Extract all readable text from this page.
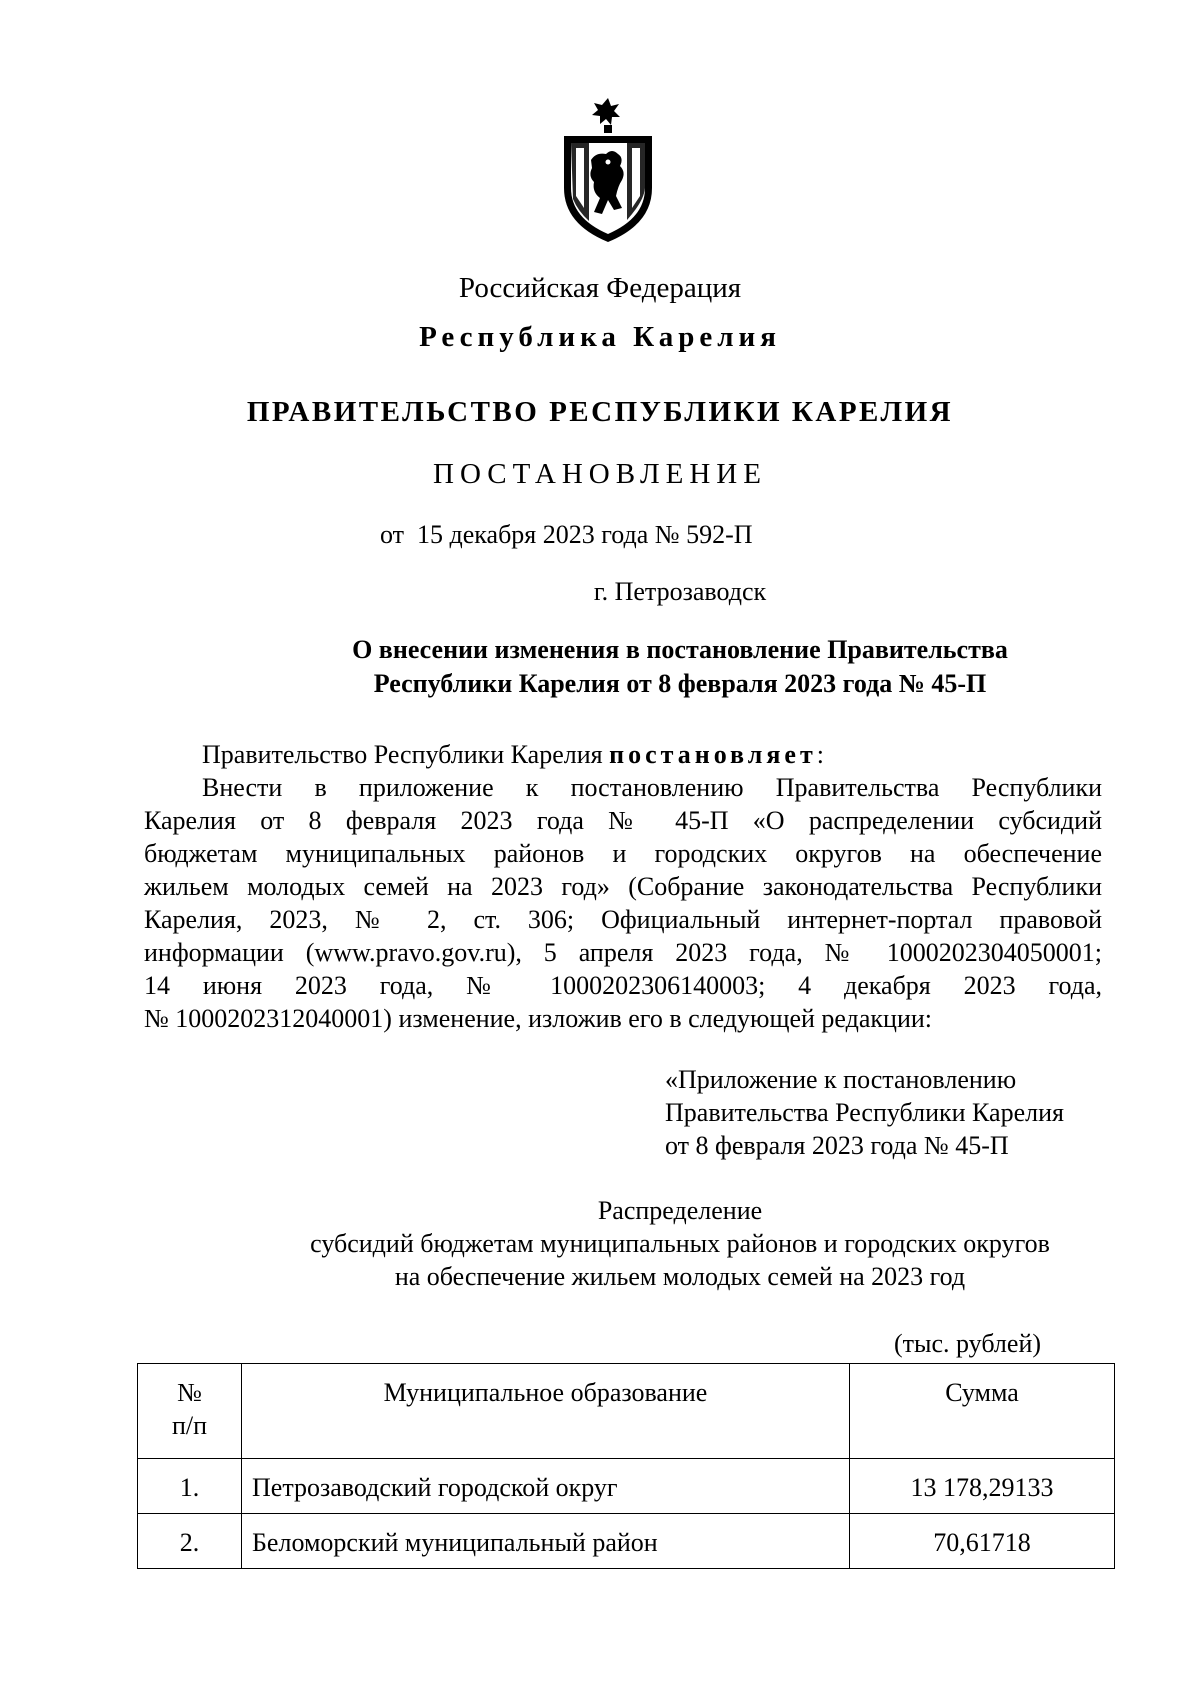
Российская Федерация
Республика Карелия
ПРАВИТЕЛЬСТВО РЕСПУБЛИКИ КАРЕЛИЯ
ПОСТАНОВЛЕНИЕ
от  15 декабря 2023 года № 592-П
г. Петрозаводск
О внесении изменения в постановление Правительства
Республики Карелия от 8 февраля 2023 года № 45-П

Правительство Республики Карелия постановляет:

Внести в приложение к постановлению Правительства Республики

Карелия от 8 февраля 2023 года № 45-П «О распределении субсидий

бюджетам муниципальных районов и городских округов на обеспечение

жильем молодых семей на 2023 год» (Собрание законодательства Республики

Карелия, 2023, № 2, ст. 306; Официальный интернет-портал правовой

информации (www.pravo.gov.ru), 5 апреля 2023 года, № 1000202304050001;

14 июня 2023 года, № 1000202306140003; 4 декабря 2023 года,

№ 1000202312040001) изменение, изложив его в следующей редакции:

«Приложение к постановлению
Правительства Республики Карелия
от 8 февраля 2023 года № 45-П
Распределение
субсидий бюджетам муниципальных районов и городских округов
на обеспечение жильем молодых семей на 2023 год
(тыс. рублей)
№
п/п	Муниципальное образование	Сумма
1.	Петрозаводский городской округ	13 178,29133
2.	Беломорский муниципальный район	70,61718
